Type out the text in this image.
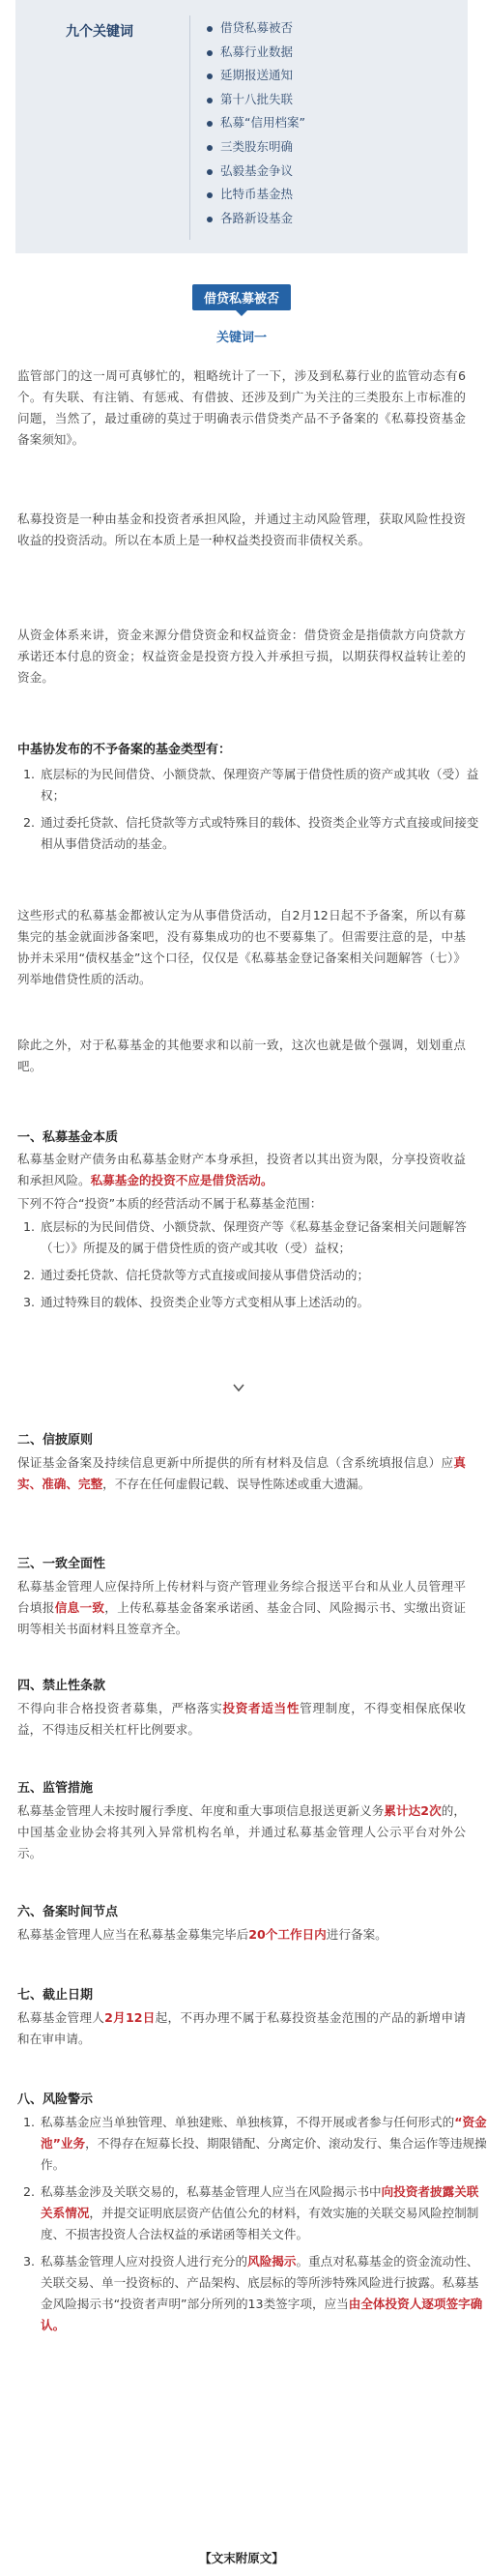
九个关键词	借贷私募被否
私募行业数据
延期报送通知
第十八批失联
私募“信用档案”
三类股东明确
弘毅基金争议
比特币基金热
各路新设基金
借贷私募被否
关键词一

监管部门的这一周可真够忙的，粗略统计了一下，涉及到私募行业的监管动态有6个。有失联、有注销、有惩戒、有借披、还涉及到广为关注的三类股东上市标准的问题，当然了，最过重磅的莫过于明确表示借贷类产品不予备案的《私募投资基金备案须知》。

私募投资是一种由基金和投资者承担风险，并通过主动风险管理，获取风险性投资收益的投资活动。所以在本质上是一种权益类投资而非债权关系。

从资金体系来讲，资金来源分借贷资金和权益资金：借贷资金是指债款方向贷款方承诺还本付息的资金；权益资金是投资方投入并承担亏损，以期获得权益转让差的资金。

中基协发布的不予备案的基金类型有：

1. 底层标的为民间借贷、小额贷款、保理资产等属于借贷性质的资产或其收（受）益权；
2. 通过委托贷款、信托贷款等方式或特殊目的载体、投资类企业等方式直接或间接变相从事借贷活动的基金。

这些形式的私募基金都被认定为从事借贷活动，自2月12日起不予备案，所以有募集完的基金就面涉备案吧，没有募集成功的也不要募集了。但需要注意的是，中基协并未采用“债权基金”这个口径，仅仅是《私募基金登记备案相关问题解答（七）》列举地借贷性质的活动。

除此之外，对于私募基金的其他要求和以前一致，这次也就是做个强调，划划重点吧。

一、私募基金本质

私募基金财产债务由私募基金财产本身承担，投资者以其出资为限，分享投资收益和承担风险。私募基金的投资不应是借贷活动。

下列不符合“投资”本质的经营活动不属于私募基金范围：

1. 底层标的为民间借贷、小额贷款、保理资产等《私募基金登记备案相关问题解答（七）》所提及的属于借贷性质的资产或其收（受）益权；
2. 通过委托贷款、信托贷款等方式直接或间接从事借贷活动的；
3. 通过特殊目的载体、投资类企业等方式变相从事上述活动的。

二、信披原则

保证基金备案及持续信息更新中所提供的所有材料及信息（含系统填报信息）应真实、准确、完整，不存在任何虚假记载、误导性陈述或重大遗漏。

三、一致全面性

私募基金管理人应保持所上传材料与资产管理业务综合报送平台和从业人员管理平台填报信息一致，上传私募基金备案承诺函、基金合同、风险揭示书、实缴出资证明等相关书面材料且签章齐全。

四、禁止性条款

不得向非合格投资者募集，严格落实投资者适当性管理制度，不得变相保底保收益，不得违反相关杠杆比例要求。

五、监管措施

私募基金管理人未按时履行季度、年度和重大事项信息报送更新义务累计达2次的，中国基金业协会将其列入异常机构名单，并通过私募基金管理人公示平台对外公示。

六、备案时间节点

私募基金管理人应当在私募基金募集完毕后20个工作日内进行备案。

七、截止日期

私募基金管理人2月12日起，不再办理不属于私募投资基金范围的产品的新增申请和在审申请。

八、风险警示

1. 私募基金应当单独管理、单独建账、单独核算，不得开展或者参与任何形式的“资金池”业务，不得存在短募长投、期限错配、分离定价、滚动发行、集合运作等违规操作。
2. 私募基金涉及关联交易的，私募基金管理人应当在风险揭示书中向投资者披露关联关系情况，并提交证明底层资产估值公允的材料，有效实施的关联交易风险控制制度、不损害投资人合法权益的承诺函等相关文件。
3. 私募基金管理人应对投资人进行充分的风险揭示。重点对私募基金的资金流动性、关联交易、单一投资标的、产品架构、底层标的等所涉特殊风险进行披露。私募基金风险揭示书“投资者声明”部分所列的13类签字项，应当由全体投资人逐项签字确认。
【文末附原文】
